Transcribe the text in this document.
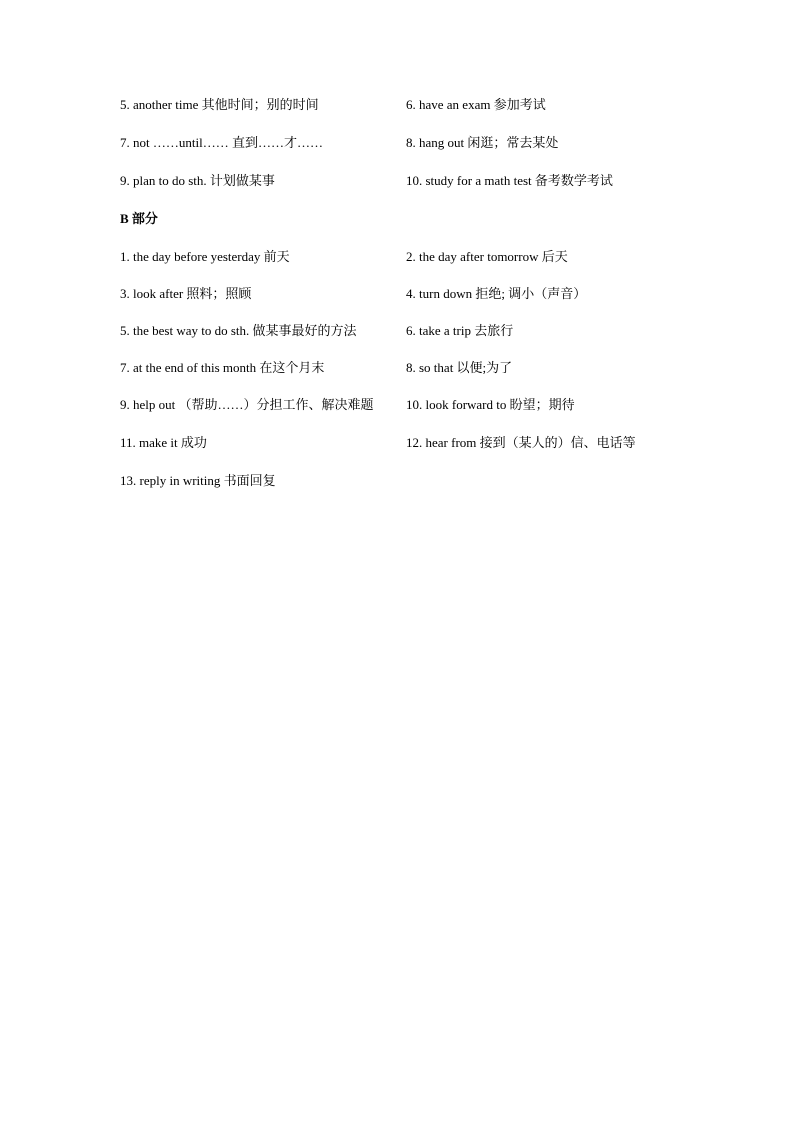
5. another time 其他时间；别的时间	6. have an exam 参加考试
7. not ……until…… 直到……才……	8. hang out 闲逛；常去某处
9. plan to do sth. 计划做某事	10. study for a math test 备考数学考试
B 部分
1. the day before yesterday 前天	2. the day after tomorrow 后天
3. look after 照料；照顾	4. turn down 拒绝; 调小（声音）
5. the best way to do sth. 做某事最好的方法	6. take a trip 去旅行
7. at the end of this month 在这个月末	8. so that 以便;为了
9. help out （帮助……）分担工作、解决难题	10. look forward to 盼望；期待
11. make it 成功	12. hear from 接到（某人的）信、电话等
13. reply in writing 书面回复
